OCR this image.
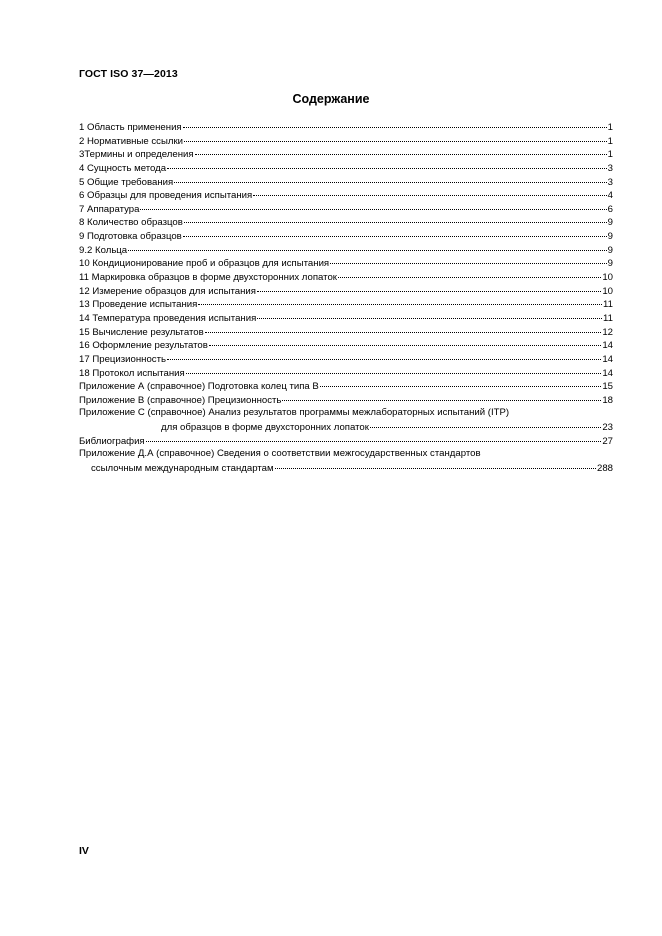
ГОСТ ISO 37—2013
Содержание
1 Область применения	1
2 Нормативные ссылки	1
3Термины и определения	1
4 Сущность метода	3
5 Общие требования	3
6 Образцы для проведения испытания	4
7 Аппаратура	6
8 Количество образцов	9
9 Подготовка образцов	9
9.2 Кольца	9
10 Кондиционирование проб и образцов для испытания	9
11 Маркировка образцов в форме двухсторонних лопаток	10
12 Измерение образцов для испытания	10
13 Проведение испытания	11
14 Температура проведения испытания	11
15 Вычисление результатов	12
16 Оформление результатов	14
17 Прецизионность	14
18 Протокол испытания	14
Приложение А (справочное) Подготовка колец типа В	15
Приложение В (справочное) Прецизионность	18
Приложение С (справочное) Анализ результатов программы межлабораторных испытаний (ITP)
для образцов в форме двухсторонних лопаток	23
Библиография	27
Приложение Д.А (справочное) Сведения о соответствии межгосударственных стандартов
ссылочным международным стандартам	288
IV
